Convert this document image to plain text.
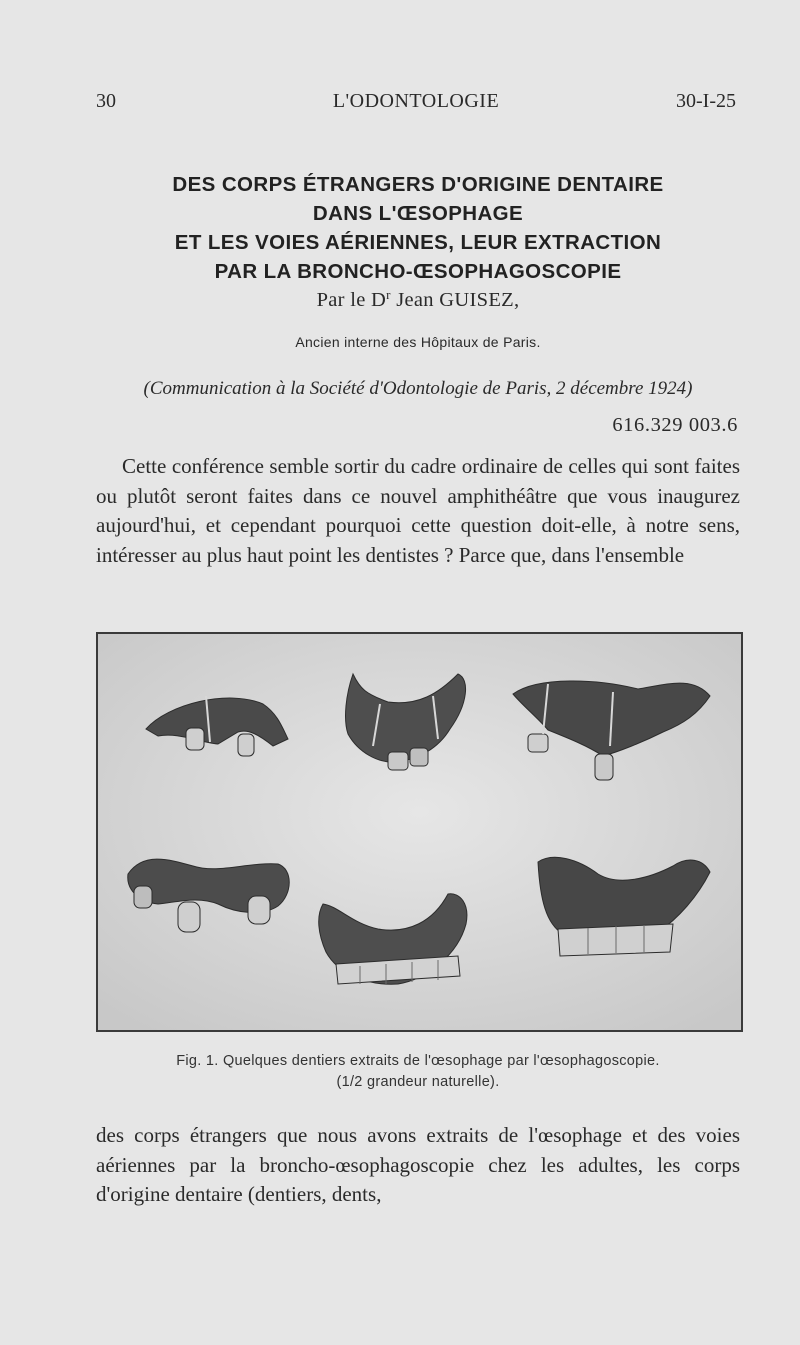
30	L'ODONTOLOGIE	30-I-25
DES CORPS ÉTRANGERS D'ORIGINE DENTAIRE
DANS L'ŒSOPHAGE
ET LES VOIES AÉRIENNES, LEUR EXTRACTION
PAR LA BRONCHO-ŒSOPHAGOSCOPIE
Par le $D^r$ Jean GUISEZ,
Ancien interne des Hôpitaux de Paris.
(Communication à la Société d'Odontologie de Paris, 2 décembre 1924)
616.329 003.6

Cette conférence semble sortir du cadre ordinaire de celles qui sont faites ou plutôt seront faites dans ce nouvel amphithéâtre que vous inaugurez aujourd'hui, et cependant pourquoi cette question doit-elle, à notre sens, intéresser au plus haut point les dentistes ? Parce que, dans l'ensemble

Fig. 1. Quelques dentiers extraits de l'œsophage par l'œsophagoscopie.
(1/2 grandeur naturelle).

des corps étrangers que nous avons extraits de l'œsophage et des voies aériennes par la broncho-œsophagoscopie chez les adultes, les corps d'origine dentaire (dentiers, dents,
